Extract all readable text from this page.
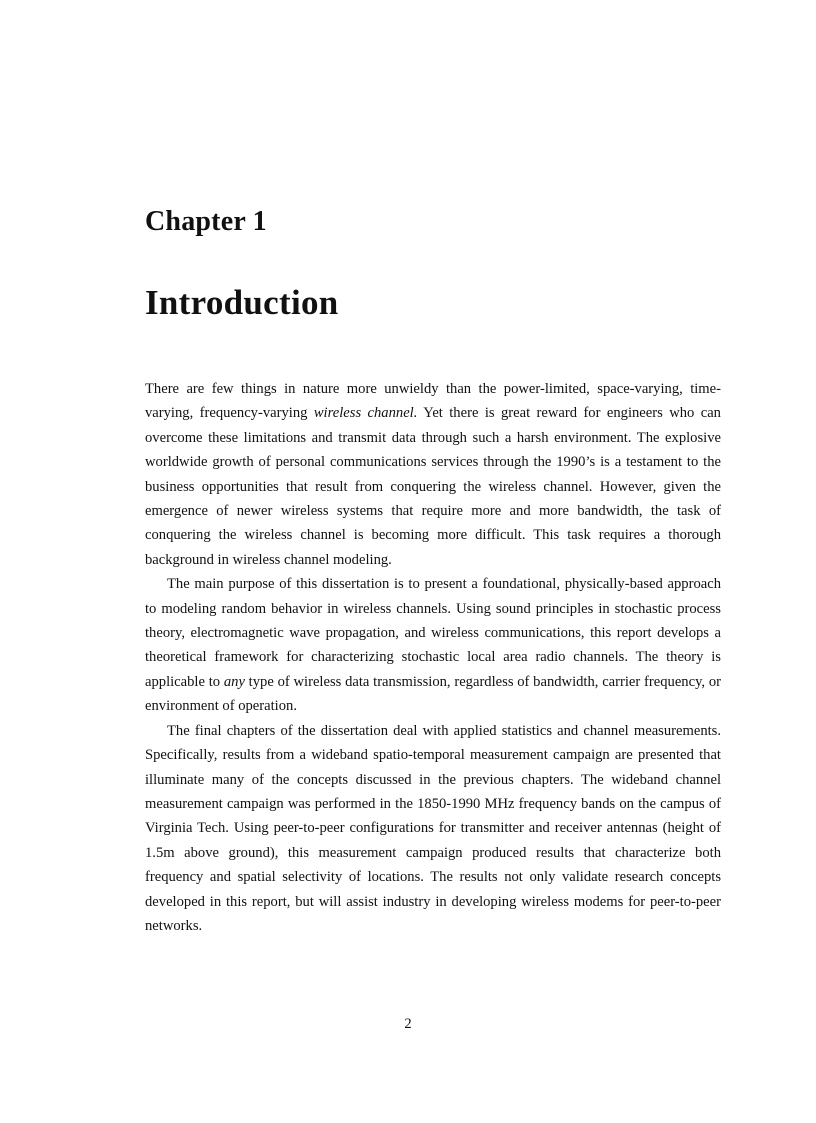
Chapter 1
Introduction

There are few things in nature more unwieldy than the power-limited, space-varying, time-varying, frequency-varying wireless channel. Yet there is great reward for engineers who can overcome these limitations and transmit data through such a harsh environment. The explosive worldwide growth of personal communications services through the 1990’s is a testament to the business opportunities that result from conquering the wireless channel. However, given the emergence of newer wireless systems that require more and more bandwidth, the task of conquering the wireless channel is becoming more difficult. This task requires a thorough background in wireless channel modeling.

The main purpose of this dissertation is to present a foundational, physically-based approach to modeling random behavior in wireless channels. Using sound principles in stochastic process theory, electromagnetic wave propagation, and wireless communications, this report develops a theoretical framework for characterizing stochastic local area radio channels. The theory is applicable to any type of wireless data transmission, regardless of bandwidth, carrier frequency, or environment of operation.

The final chapters of the dissertation deal with applied statistics and channel measurements. Specifically, results from a wideband spatio-temporal measurement campaign are presented that illuminate many of the concepts discussed in the previous chapters. The wideband channel measurement campaign was performed in the 1850-1990 MHz frequency bands on the campus of Virginia Tech. Using peer-to-peer configurations for transmitter and receiver antennas (height of 1.5m above ground), this measurement campaign produced results that characterize both frequency and spatial selectivity of locations. The results not only validate research concepts developed in this report, but will assist industry in developing wireless modems for peer-to-peer networks.

2
